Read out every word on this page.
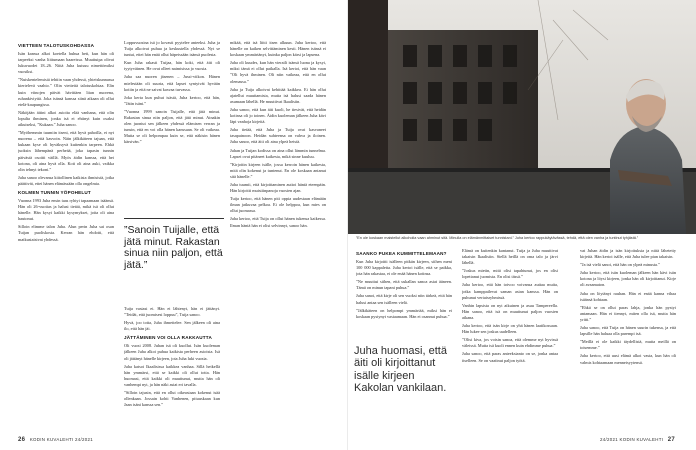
VIETTEEN TALOTUSKOHDASSA

Isän kanssa alkoi koetella huhua heti, kun hän oli tarpeeksi vanha liittumaan baareissa. Muuttuipa olivat lukuvuodet 18–26. Niitä Juha kutsuu nimettömiksi vuosiksi.

”Nuiskentelemisiä tehtiin vaan yhdessä, yhteiskunnassa kiertelevä vaahto.” Olin vietteitä talotuskohtaa. Elin kuin viinojen päivät hävittäen liian nuorena, ruhankiviyttä. Joka isänsä kanssa siinä aikaan oli ollut etelä-kaupungissa.

Näköjään äitini alkoi asioita elää vanhana, että olin lopulta ihminen, jonka isä ei ehtinyt kuin osaksi aikuiseksi, ”Kukaan.” Juha sanoo.

”Myöhemmin tuumiin itseni, että hyvä pahoilla, ei nyt nuorena – että kasvoin. Näin jälkikäteen tajuan, että kukaan kyse oli hyväksyvä kuitenkin tarpeen. Ehkä juoksin lähempänä perheää, joka tapasin tunnin päivästä osoitti väillä. Myös äidin kanssa, että hei kotona, oli aina hyvä olla. Koti oli aina auki, vaikka olin tehnyt tekoni.”

Juha sanoo olevansa kiitollinen kaikista ihmisistä, jotka päättivät, ettei hänen elämässään olla ongelmia.

KOLMEN TUNNIN YÖPOHELUT

Vuonna 1993 Juha ensin taas ryhtyi tapaamaan isäänsä. Hän oli 26-vuotias ja halusi tietää, mikä isä oli ollut hänelle. Hän kysyi kaikki kysymykset, joita oli aina hautonut.

Silloin elimme talon Juha. Alun perin Juha sai osan Tuijan puoliskosta. Kerran hän ehdotti, että matkustaisivat yhdessä.

Loppuvuosina isä jo kovasti pyytelee anteeksi. Juha ja Tuija alkoivat puhua ja keskustella yhdessä. Nyt se tuntui, ettei hän enää ollut häpeissään isänsä puolesta.

Kun Juha rakasti Tuijaa, hän koki, että äiti oli tyytyväinen. He ovat olleet naimisissa jo vuosia.

Juha saa nuoren jäsenen – Jussi-viikon. Hänen mielestään oli suurta, että lapset syntyivät hyvään kotiin ja että ne saivat kasvaa turvassa.

Joka kerta kun puhut isästä, Juha kertoo, että hän, ”Jätin isäni.”

”Vuonna 1999 sanoin Tuijalle, että jätä minut. Rakastan sinua niin paljon, että jätä minut. Ainakin olen juoniut sen jälkeen yhdessä elämisen verran ja tunsin, että en voi olla hänen kanssaan. Se oli vaikeaa. Mutta se oli helpompaa kuin se, että näkisin hänen kärsivän.”

”Sanoin Tuijalle, että jätä minut. Rakastan sinua niin paljon, että jätä.”

Tuija vastasi ei. Hän ei lähtenyt, hän ei jättänyt. ”Teidät, että juomisesi loppuu”, Tuija sanoo.

Hyvä, joo totta, Juha ihmettelee. Sen jälkeen oli aina ilo, että hän jäi.

JÄTTÄMINEN VOI OLLA RAKKAUTTA

Oli vuosi 2008. Juhan isä oli kuollut. Isän kuoleman jälkeen Juha alkoi puhua kaikista perheen asioista. Isä oli jättänyt hänelle kirjeen, jota Juha luki vuosia.

Juha katsoi Ikaalisissa kaikkea vanhaa. Sillä hetkellä hän ymmärsi, että se kaikki oli ollut totta. Hän huomasi, että kaikki oli muuttunut, mutta hän oli vanhempi nyt, ja hän näki asiat eri tavalla.

”Silloin tajusin, että en ollut oikeastaan kokenut isää ollenkaan. Jossain kohti Vanhenen, pituuskaan kun Jaan isäni kanssa sen.”

mikää, että isä liitti itsen alkuun. Juha kertoo, että hänelle on kaiken selvittäminen kesti. Hänen isänsä ei koskaan ymmärtänyt, kuinka paljon kärsi ja lapsena.

Juha oli kuudes, kun hän vieraili isänsä luona ja kysyi, miksi tämä ei ollut paikalla. Isä kertoi, että hän vaan ”Oli hyvä ihminen. Oli niin vaikeaa, että en ollut olemassa.”

Juha ja Tuija alkoivat kehittää kaikkea. Ei hän ollut ajatellut muuttamista, mutta isä halusi saada hänen asumaan lähellä. He muuttivat Ikaalisiin.

Juha sanoo, että kun äiti kuoli, he tiesivät, että heidän kotinsa oli jo toinen. Äidin kuoleman jälkeen Juha kävi läpi vanhoja kirjeitä.

Juha tietää, että Juha ja Tuija ovat kasvaneet tasapainoon. Heidän suhteensa on vahva ja iloinen. Juha sanoo, että äiti oli aina ylpeä heistä.

Juhan ja Tuijan kodissa on aina ollut lämmin tunnelma. Lapset ovat pitäneet kaikesta, mikä sinne kuuluu.

”Kirjoitin kirjeen isälle, jossa kerroin hänen kaikesta, mitä olin kokenut ja tuntenut. En ole koskaan antanut sitä hänelle.”

Juha tuumii, että kirjoittaminen auttoi häntä eteenpäin. Hän kirjoitti muistiinpanoja vuosien ajan.

Tuija kertoo, että hänen piti oppia uudestaan elämään ilman jatkuvaa pelkoa. Ei ole helppoa, kun mies on ollut juomassa.

Juha kertoo, että Tuija on ollut hänen tukensa kaikessa. Ilman häntä hän ei olisi selvinnyt, sanoo hän.

26 KODIN KUVALEHTI 24/2021
”En ole koskaan maistellut alkoholia vaan ahminut sitä. Minulla on elämänmittaiset tunnistani.” Juha kertoo rappukäytävässä, tehdä, että olen vanha ja tuntinut tyhjästä.”
SAANKO PUKEA KUMMITTELEMAAN?

Kun Juha kirjoitti isälleen pitkän kirjeen, siihen meni 100 000 kappaletta. Juha kertoi isälle, että se paikka, jota hän rakastaa, ei ole enää hänen kotinsa.

”Ne muuttui siihen, että uskallan sanoa asiat ääneen. Tämä on minun tapani puhua.”

Juha sanoi, että kirje oli sen vuoksi niin tärkeä, että hän halusi antaa sen isälleen vielä.

”Jälkikäteen on helpompi ymmärtää, miksi hän ei koskaan pystynyt vastaamaan. Hän ei osannut puhua.”

Juha huomasi, että äiti oli kirjoittanut isälle kirjeen Kakolan vankilaan.

Elämä on kuitenkin kantanut. Tuija ja Juha muuttivat takaisin Ikaalisiin. Siellä heillä on oma talo ja järvi lähellä.

”Joskus mietin, mitä olisi tapahtunut, jos en olisi lopettanut juomista. En olisi tässä.”

Juha kertoo, että hän toivoo voivansa auttaa muita, jotka kamppailevat saman asian kanssa. Hän on puhunut vertaisryhmissä.

Vanhin lapsista on nyt aikuinen ja asuu Tampereella. Hän sanoo, että isä on muuttunut paljon vuosien aikana.

Juha kertoo, että isän kirje on yhä hänen laatikossaan. Hän lukee sen joskus uudelleen.

”Olisi kiva, jos voisin sanoa, että olemme nyt hyvissä väleissä. Mutta isä kuoli ennen kuin ehdimme puhua.”

Juha sanoo, että paras anteeksianto on se, jonka antaa itselleen. Se on vaatinut paljon työtä.

vat Juhan äidin ja isän kirjoituksia ja niitä lähetetty kirjeitä. Hän kertoi isälle, että Juha tulee pian takaisin.

”Ja isä vielä sanoi, että hän on ylpeä minusta.”

Juha kertoo, että isän kuoleman jälkeen hän kävi isän kotona ja löysi kirjeen, jonka hän oli kirjoittanut. Kirje oli avaamaton.

Juha on löytänyt rauhan. Hän ei enää kanna vihaa isäänsä kohtaan.

”Ehkä se on ollut paras lahja, jonka hän pystyi antamaan. Hän ei tiennyt, miten olla isä, mutta hän yritti.”

Juha sanoo, että Tuija on hänen suurin tukensa, ja että lapsille hän haluaa olla parempi isä.

”Meillä ei ole kaikki täydellistä, mutta meillä on toisemme.”

Juha kertoo, että uusi elämä alkoi vasta, kun hän oli valmis kohtaamaan menneisyytensä.

24/2021 KODIN KUVALEHTI 27
